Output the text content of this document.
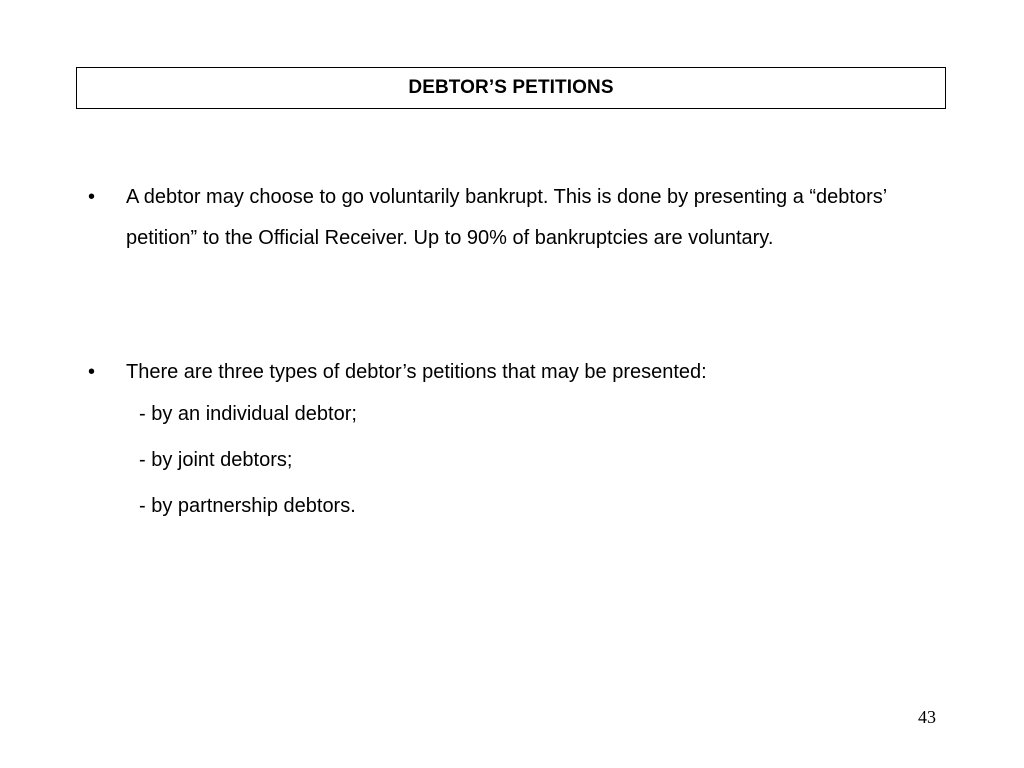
DEBTOR’S PETITIONS
•	A debtor may choose to go voluntarily bankrupt. This is done by presenting a “debtors’ petition” to the Official Receiver. Up to 90% of bankruptcies are voluntary.
•	There are three types of debtor’s petitions that may be presented:
- by an individual debtor;
- by joint debtors;
- by partnership debtors.
43
